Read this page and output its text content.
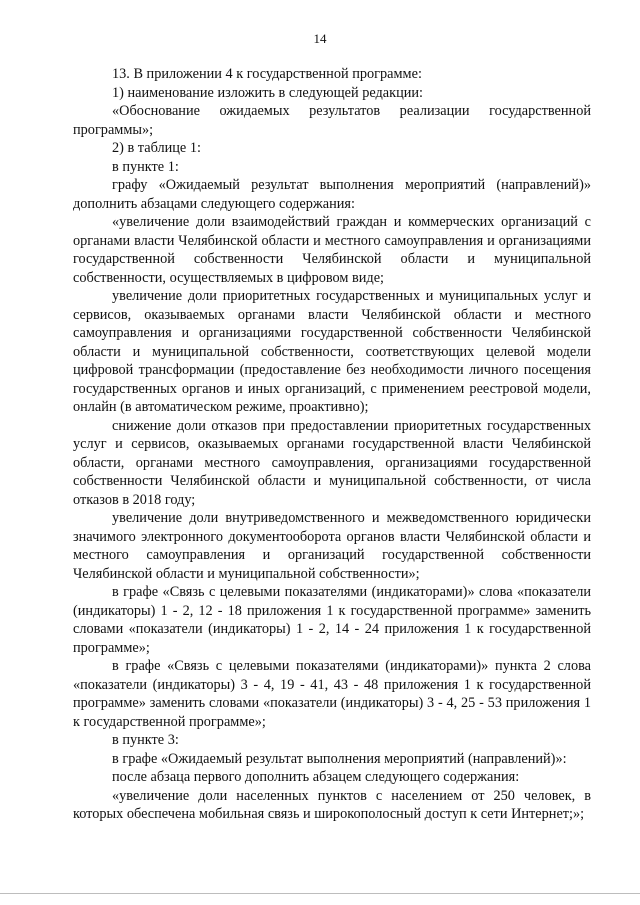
14

13. В приложении 4 к государственной программе:

1) наименование изложить в следующей редакции:

«Обоснование ожидаемых результатов реализации государственной программы»;

2) в таблице 1:

в пункте 1:

графу «Ожидаемый результат выполнения мероприятий (направлений)» дополнить абзацами следующего содержания:

«увеличение доли взаимодействий граждан и коммерческих организаций с органами власти Челябинской области и местного самоуправления и организациями государственной собственности Челябинской области и муниципальной собственности, осуществляемых в цифровом виде;

увеличение доли приоритетных государственных и муниципальных услуг и сервисов, оказываемых органами власти Челябинской области и местного самоуправления и организациями государственной собственности Челябинской области и муниципальной собственности, соответствующих целевой модели цифровой трансформации (предоставление без необходимости личного посещения государственных органов и иных организаций, с применением реестровой модели, онлайн (в автоматическом режиме, проактивно);

снижение доли отказов при предоставлении приоритетных государственных услуг и сервисов, оказываемых органами государственной власти Челябинской области, органами местного самоуправления, организациями государственной собственности Челябинской области и муниципальной собственности, от числа отказов в 2018 году;

увеличение доли внутриведомственного и межведомственного юридически значимого электронного документооборота органов власти Челябинской области и местного самоуправления и организаций государственной собственности Челябинской области и муниципальной собственности»;

в графе «Связь с целевыми показателями (индикаторами)» слова «показатели (индикаторы) 1 - 2, 12 - 18 приложения 1 к государственной программе» заменить словами «показатели (индикаторы) 1 - 2, 14 - 24 приложения 1 к государственной программе»;

в графе «Связь с целевыми показателями (индикаторами)» пункта 2 слова «показатели (индикаторы) 3 - 4, 19 - 41, 43 - 48 приложения 1 к государственной программе» заменить словами «показатели (индикаторы) 3 - 4, 25 - 53 приложения 1 к государственной программе»;

в пункте 3:

в графе «Ожидаемый результат выполнения мероприятий (направлений)»:

после абзаца первого дополнить абзацем следующего содержания:

«увеличение доли населенных пунктов с населением от 250 человек, в которых обеспечена мобильная связь и широкополосный доступ к сети Интернет;»;
